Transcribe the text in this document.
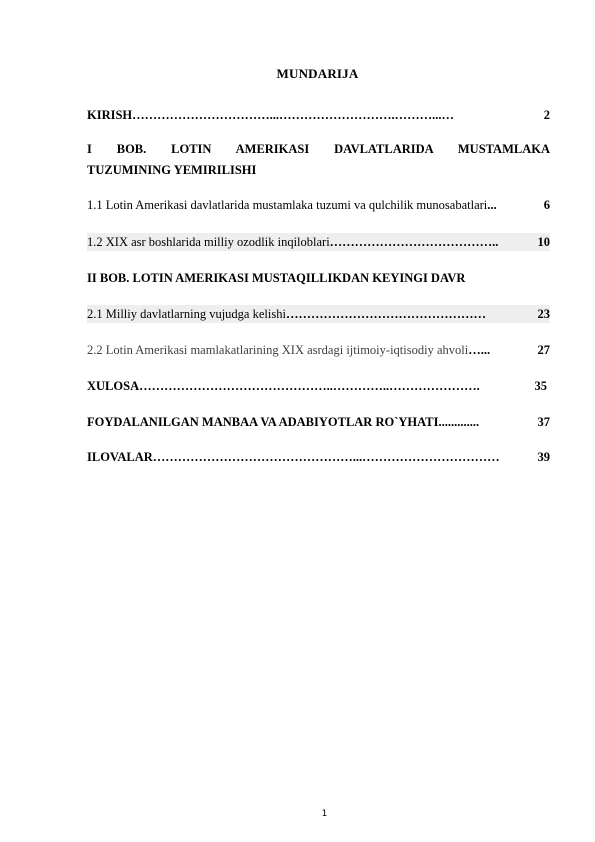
MUNDARIJA
KIRISH ……………………………...……………………….………...…	2
I BOB. LOTIN AMERIKASI DAVLATLARIDA MUSTAMLAKA
TUZUMINING YEMIRILISHI
1.1 Lotin Amerikasi davlatlarida mustamlaka tuzumi va qulchilik munosabatlari ...	6
1.2 XIX asr boshlarida milliy ozodlik inqiloblari …………………………………..	10
II BOB. LOTIN AMERIKASI MUSTAQILLIKDAN KEYINGI DAVR
2.1 Milliy davlatlarning vujudga kelishi …………………………………………	23
2.2 Lotin Amerikasi mamlakatlarining XIX asrdagi ijtimoiy-iqtisodiy ahvoli …...	27
XULOSA ………………………………………..…………..………………….	35
FOYDALANILGAN MANBAA VA ADABIYOTLAR RO`YHATI .............	37
ILOVALAR …………………………………………...……………………………	39
1
